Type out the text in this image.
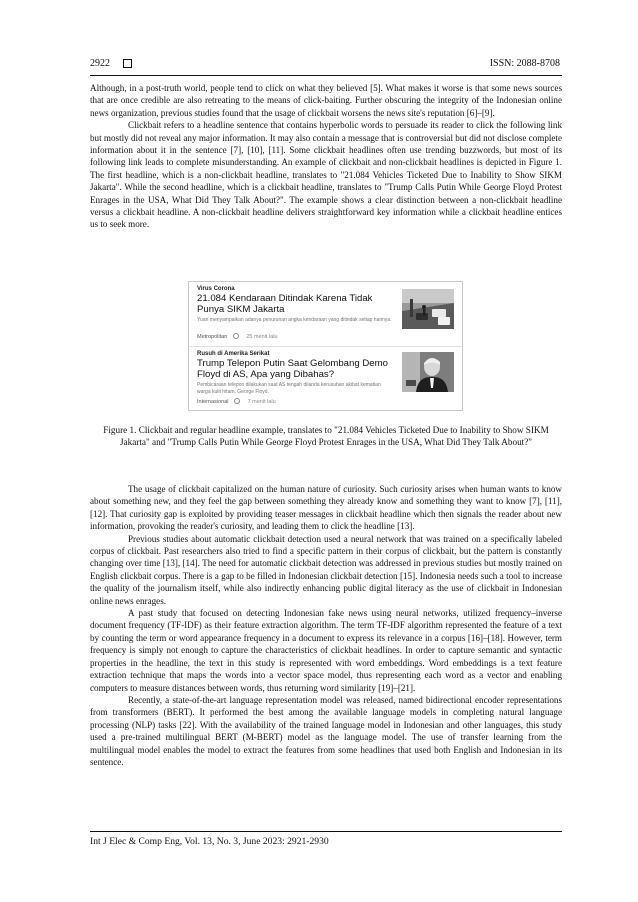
2922	ISSN: 2088-8708

Although, in a post-truth world, people tend to click on what they believed [5]. What makes it worse is that some news sources that are once credible are also retreating to the means of click-baiting. Further obscuring the integrity of the Indonesian online news organization, previous studies found that the usage of clickbait worsens the news site's reputation [6]–[9].

Clickbait refers to a headline sentence that contains hyperbolic words to persuade its reader to click the following link but mostly did not reveal any major information. It may also contain a message that is controversial but did not disclose complete information about it in the sentence [7], [10], [11]. Some clickbait headlines often use trending buzzwords, but most of its following link leads to complete misunderstanding. An example of clickbait and non-clickbait headlines is depicted in Figure 1. The first headline, which is a non-clickbait headline, translates to "21.084 Vehicles Ticketed Due to Inability to Show SIKM Jakarta". While the second headline, which is a clickbait headline, translates to "Trump Calls Putin While George Floyd Protest Enrages in the USA, What Did They Talk About?". The example shows a clear distinction between a non-clickbait headline versus a clickbait headline. A non-clickbait headline delivers straightforward key information while a clickbait headline entices us to seek more.

Virus Corona
21.084 Kendaraan Ditindak Karena Tidak Punya SIKM Jakarta
Yuan menyampaikan adanya penurunan angka kendaraan yang ditindak setiap harinya.
Metropolitan	25 menit lalu
Rusuh di Amerika Serikat
Trump Telepon Putin Saat Gelombang Demo Floyd di AS, Apa yang Dibahas?
Pembicaraan telepon dilakukan saat AS tengah dilanda kerusuhan akibat kematian warga kulit hitam, George Floyd.
Internasional	7 menit lalu
Figure 1. Clickbait and regular headline example, translates to "21.084 Vehicles Ticketed Due to Inability to Show SIKM Jakarta" and "Trump Calls Putin While George Floyd Protest Enrages in the USA, What Did They Talk About?"

The usage of clickbait capitalized on the human nature of curiosity. Such curiosity arises when human wants to know about something new, and they feel the gap between something they already know and something they want to know [7], [11], [12]. That curiosity gap is exploited by providing teaser messages in clickbait headline which then signals the reader about new information, provoking the reader's curiosity, and leading them to click the headline [13].

Previous studies about automatic clickbait detection used a neural network that was trained on a specifically labeled corpus of clickbait. Past researchers also tried to find a specific pattern in their corpus of clickbait, but the pattern is constantly changing over time [13], [14]. The need for automatic clickbait detection was addressed in previous studies but mostly trained on English clickbait corpus. There is a gap to be filled in Indonesian clickbait detection [15]. Indonesia needs such a tool to increase the quality of the journalism itself, while also indirectly enhancing public digital literacy as the use of clickbait in Indonesian online news enrages.

A past study that focused on detecting Indonesian fake news using neural networks, utilized frequency–inverse document frequency (TF-IDF) as their feature extraction algorithm. The term TF-IDF algorithm represented the feature of a text by counting the term or word appearance frequency in a document to express its relevance in a corpus [16]–[18]. However, term frequency is simply not enough to capture the characteristics of clickbait headlines. In order to capture semantic and syntactic properties in the headline, the text in this study is represented with word embeddings. Word embeddings is a text feature extraction technique that maps the words into a vector space model, thus representing each word as a vector and enabling computers to measure distances between words, thus returning word similarity [19]–[21].

Recently, a state-of-the-art language representation model was released, named bidirectional encoder representations from transformers (BERT). It performed the best among the available language models in completing natural language processing (NLP) tasks [22]. With the availability of the trained language model in Indonesian and other languages, this study used a pre-trained multilingual BERT (M-BERT) model as the language model. The use of transfer learning from the multilingual model enables the model to extract the features from some headlines that used both English and Indonesian in its sentence.

Int J Elec & Comp Eng, Vol. 13, No. 3, June 2023: 2921-2930
